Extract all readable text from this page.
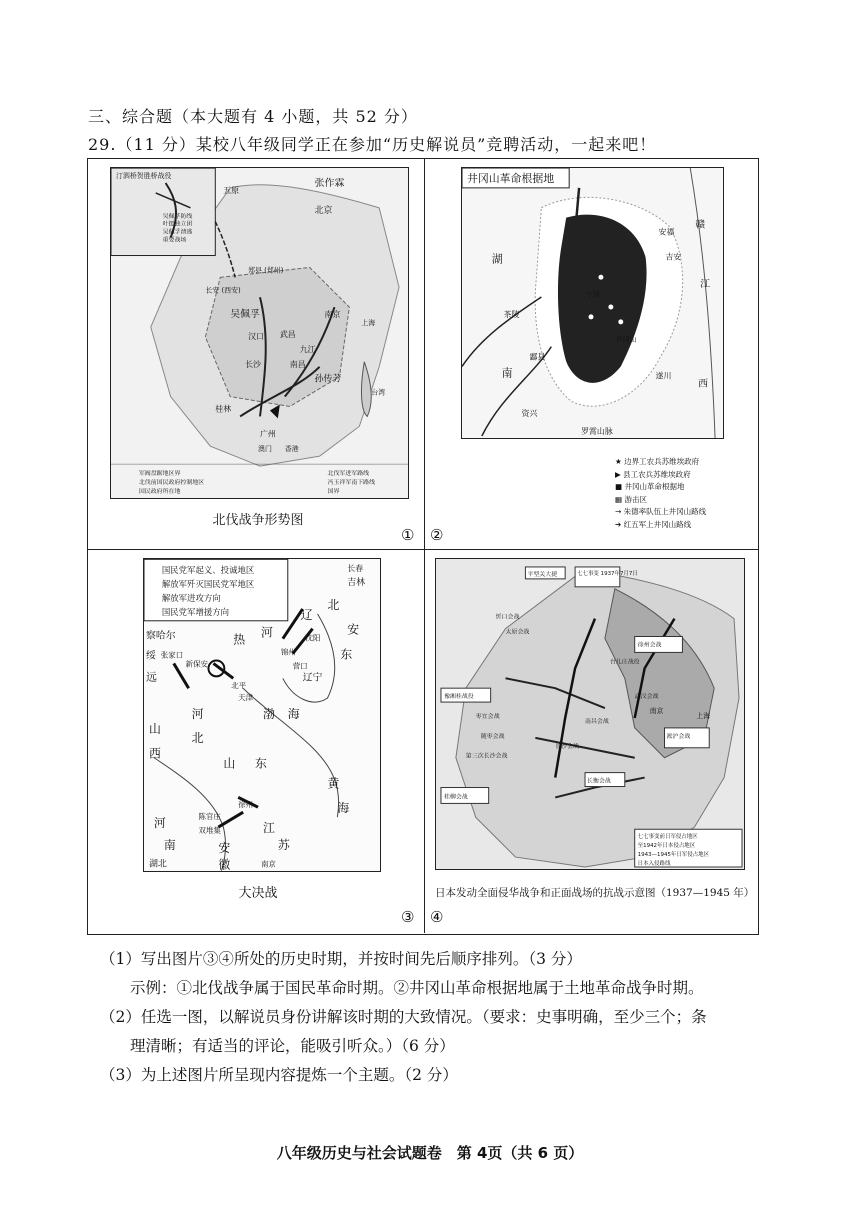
三、综合题（本大题有 4 小题，共 52 分）
29.（11 分）某校八年级同学正在参加“历史解说员”竞聘活动，一起来吧！
汀泗桥贺胜桥战役
吴佩孚防线
叶挺独立团
吴佩孚溃逃
重要战场
张作霖
五原
北京
郑县 (郑州)
长安 (西安)
吴佩孚
汉口 武昌
九江
南京
上海
长沙	南昌
孙传芳
桂林
广州
澳门 香港
台湾
军阀盘踞地区界
北伐前国民政府控制地区
国民政府所在地
北伐军进军路线
冯玉祥军南下路线
国界
北伐战争形势图
①
井冈山革命根据地
安福
吉安
湖
赣
江
茶陵
酃县
遂川
资兴
南
西
井冈山
罗霄山脉
宁冈
★ 边界工农兵苏维埃政府
▶ 县工农兵苏维埃政府
■ 井冈山革命根据地
▦ 游击区
→ 朱德率队伍上井冈山路线
➔ 红五军上井冈山路线
②
国民党军起义、投诚地区
解放军歼灭国民党军地区
解放军进攻方向
国民党军增援方向
长春
吉林
辽
北
安
东
察哈尔	热 河
绥 张家口
新保安
沈阳
锦州
营口
辽宁
北平
天津
远
山
西
河
北
渤 海
山 东
黄
海
徐州
陈官庄
双堆集	江
苏
河
南
湖北
安
徽	南京
大决战
③
七七事变 1937年7月7日
平型关大捷
太原会战
忻口会战
徐州会战
台儿庄战役
武汉会战
南昌会战
长沙会战
淞沪会战
南京
上海
长衡会战
桂柳会战
豫湘桂战役
枣宜会战
随枣会战
第三次长沙会战
七七事变前日军侵占地区
至1942年日本侵占地区
1943—1945年日军侵占地区
日本入侵路线
日本发动全面侵华战争和正面战场的抗战示意图（1937—1945 年）
④
（1）写出图片③④所处的历史时期，并按时间先后顺序排列。（3 分）
示例：①北伐战争属于国民革命时期。②井冈山革命根据地属于土地革命战争时期。
（2）任选一图，以解说员身份讲解该时期的大致情况。（要求：史事明确，至少三个；条
理清晰；有适当的评论，能吸引听众。）（6 分）
（3）为上述图片所呈现内容提炼一个主题。（2 分）
八年级历史与社会试题卷　第 4页（共 6 页）
